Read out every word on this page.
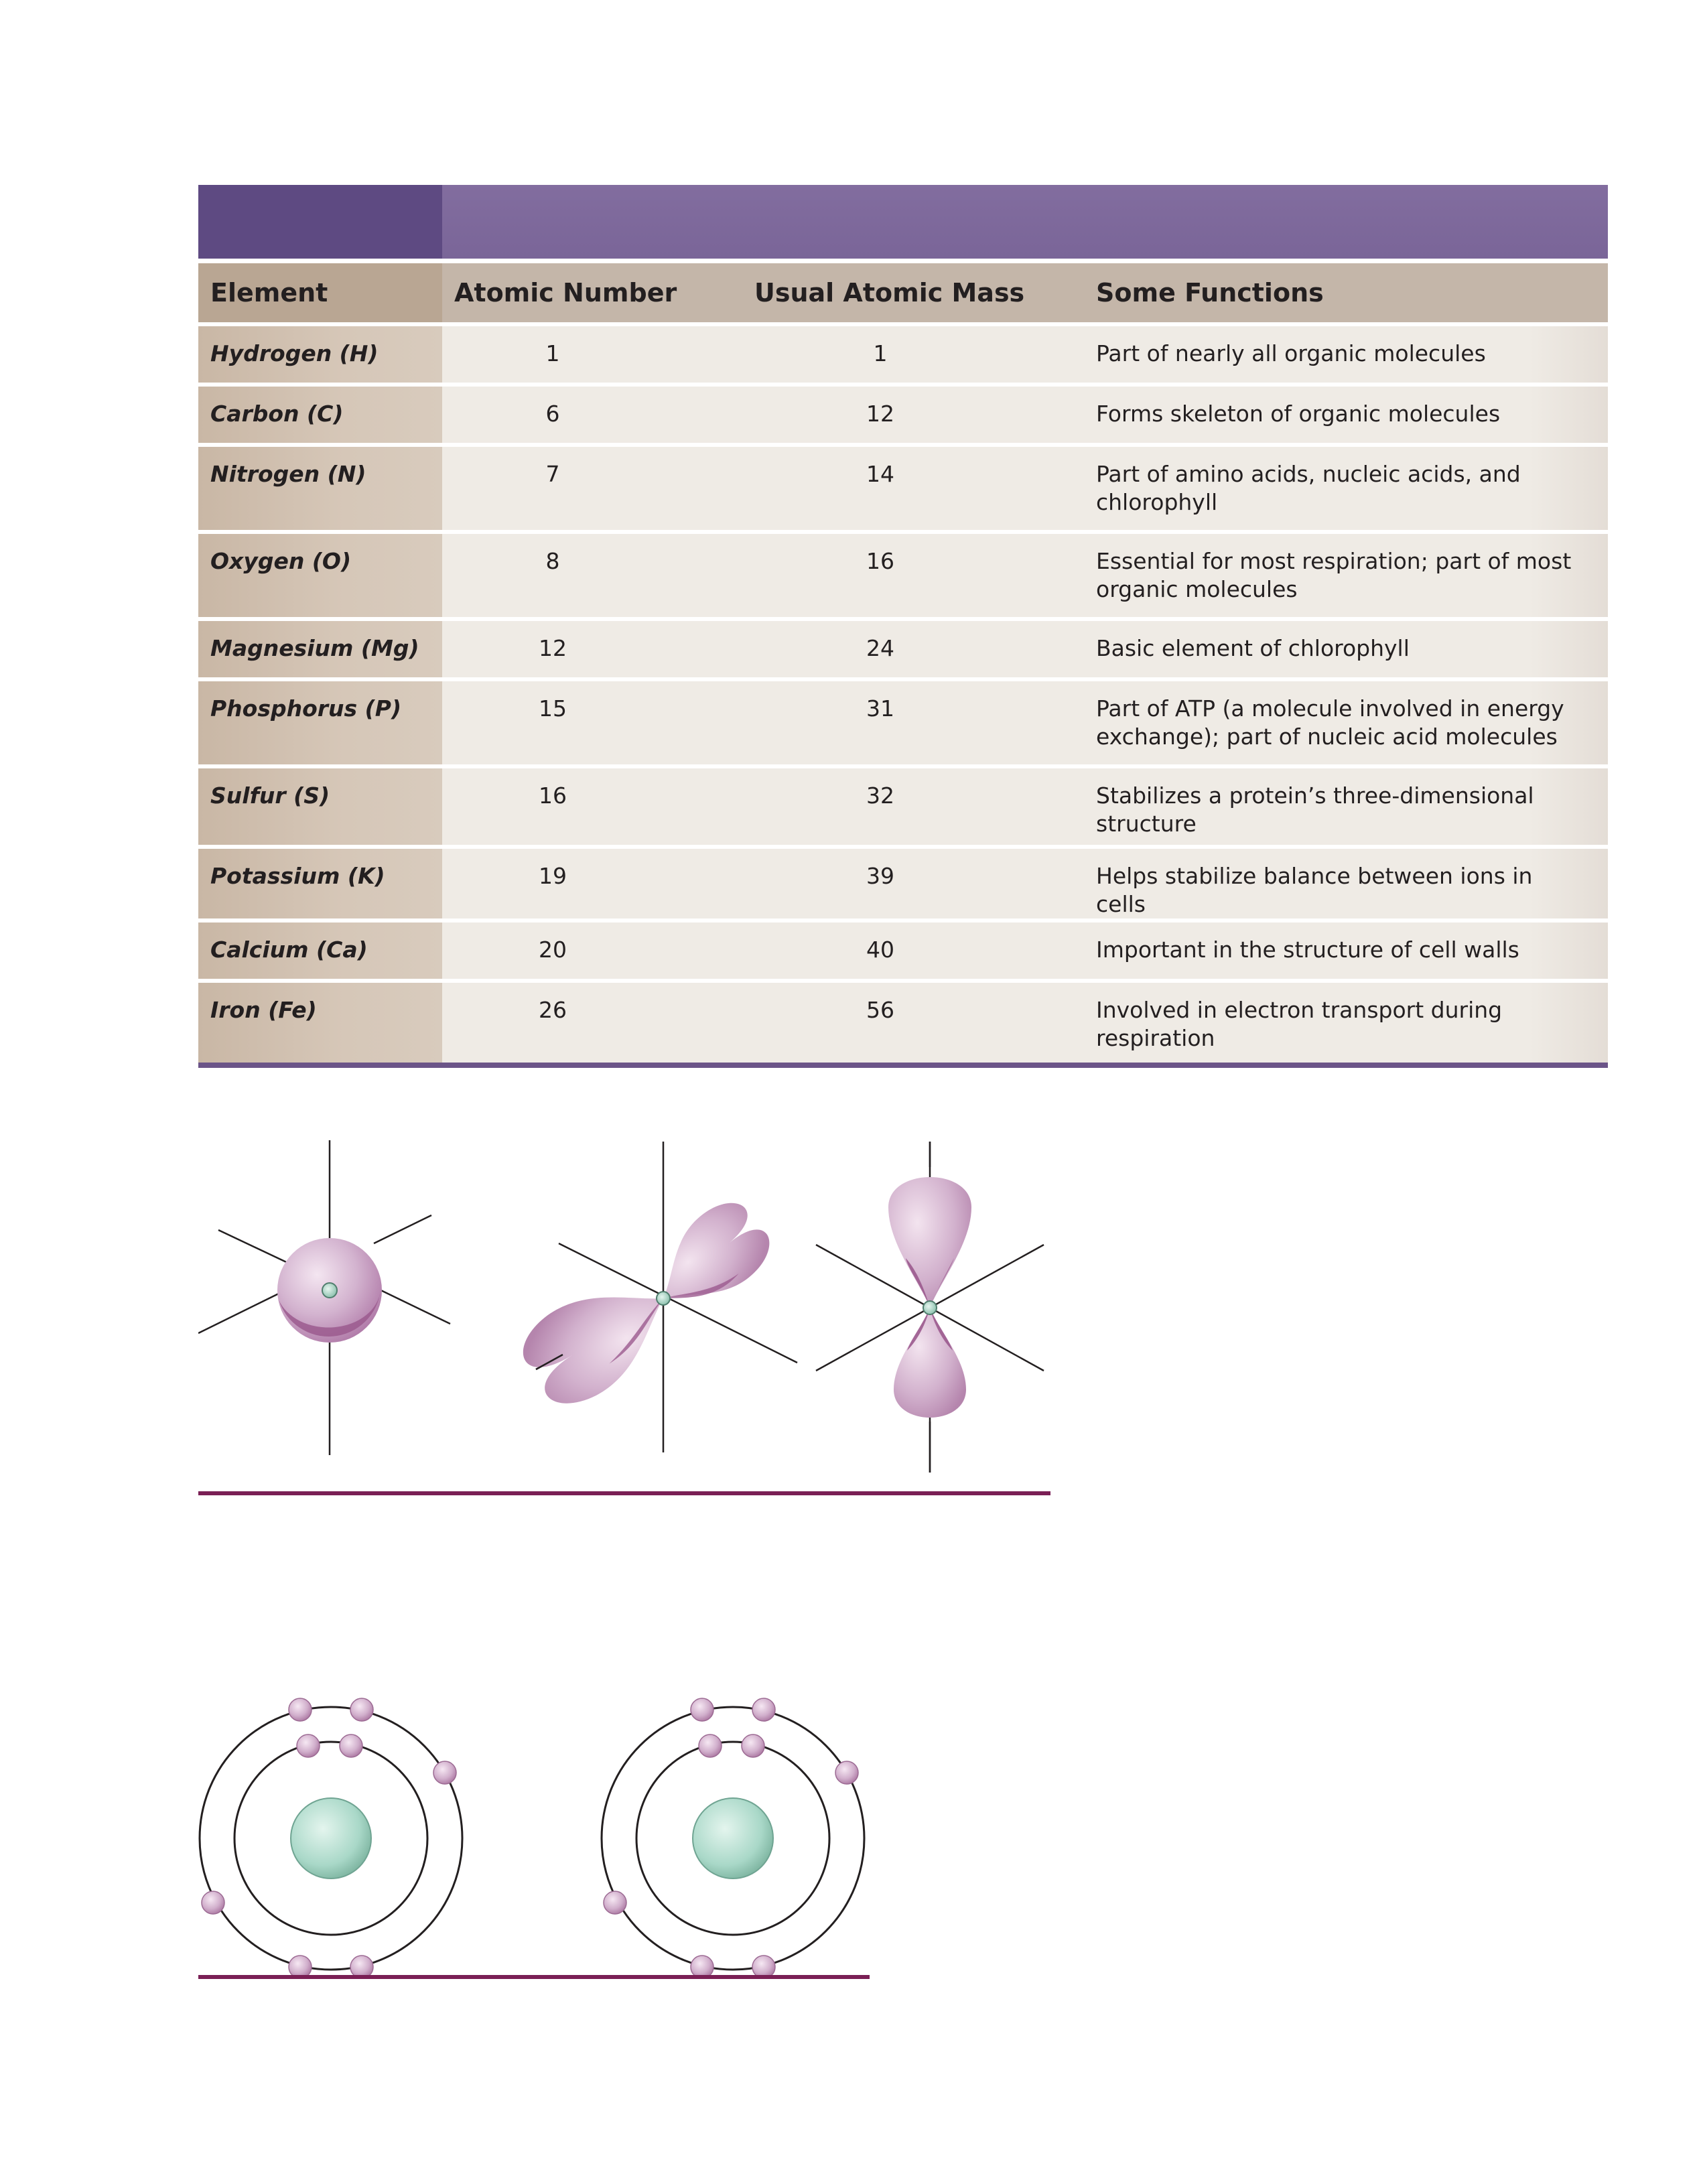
Element	Atomic Number	Usual Atomic Mass	Some Functions
Hydrogen (H)	1	1	Part of nearly all organic molecules
Carbon (C)	6	12	Forms skeleton of organic molecules
Nitrogen (N)	7	14	Part of amino acids, nucleic acids, and chlorophyll
Oxygen (O)	8	16	Essential for most respiration; part of most organic molecules
Magnesium (Mg)	12	24	Basic element of chlorophyll
Phosphorus (P)	15	31	Part of ATP (a molecule involved in energy exchange); part of nucleic acid molecules
Sulfur (S)	16	32	Stabilizes a protein’s three-dimensional structure
Potassium (K)	19	39	Helps stabilize balance between ions in cells
Calcium (Ca)	20	40	Important in the structure of cell walls
Iron (Fe)	26	56	Involved in electron transport during respiration
